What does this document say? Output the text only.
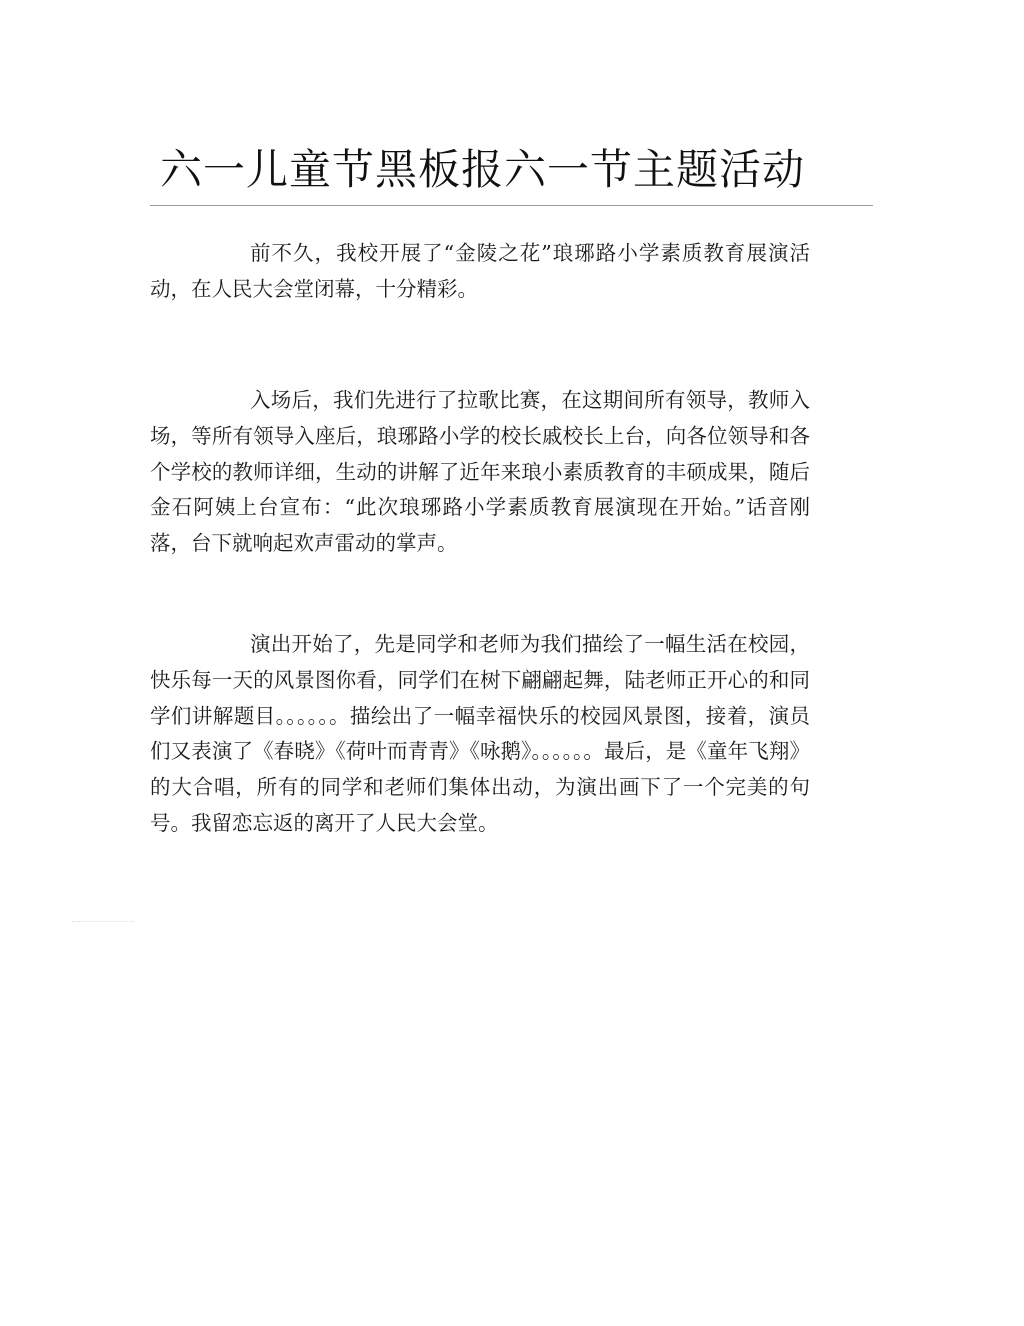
六一儿童节黑板报六一节主题活动

前不久，我校开展了“金陵之花”琅琊路小学素质教育展演活动，在人民大会堂闭幕，十分精彩。

入场后，我们先进行了拉歌比赛，在这期间所有领导，教师入场，等所有领导入座后，琅琊路小学的校长戚校长上台，向各位领导和各个学校的教师详细，生动的讲解了近年来琅小素质教育的丰硕成果，随后金石阿姨上台宣布：“此次琅琊路小学素质教育展演现在开始。”话音刚落，台下就响起欢声雷动的掌声。

演出开始了，先是同学和老师为我们描绘了一幅生活在校园，快乐每一天的风景图你看，同学们在树下翩翩起舞，陆老师正开心的和同学们讲解题目。。。。。。描绘出了一幅幸福快乐的校园风景图，接着，演员们又表演了《春晓》《荷叶而青青》《咏鹅》。。。。。。最后，是《童年飞翔》的大合唱，所有的同学和老师们集体出动，为演出画下了一个完美的句号。我留恋忘返的离开了人民大会堂。
